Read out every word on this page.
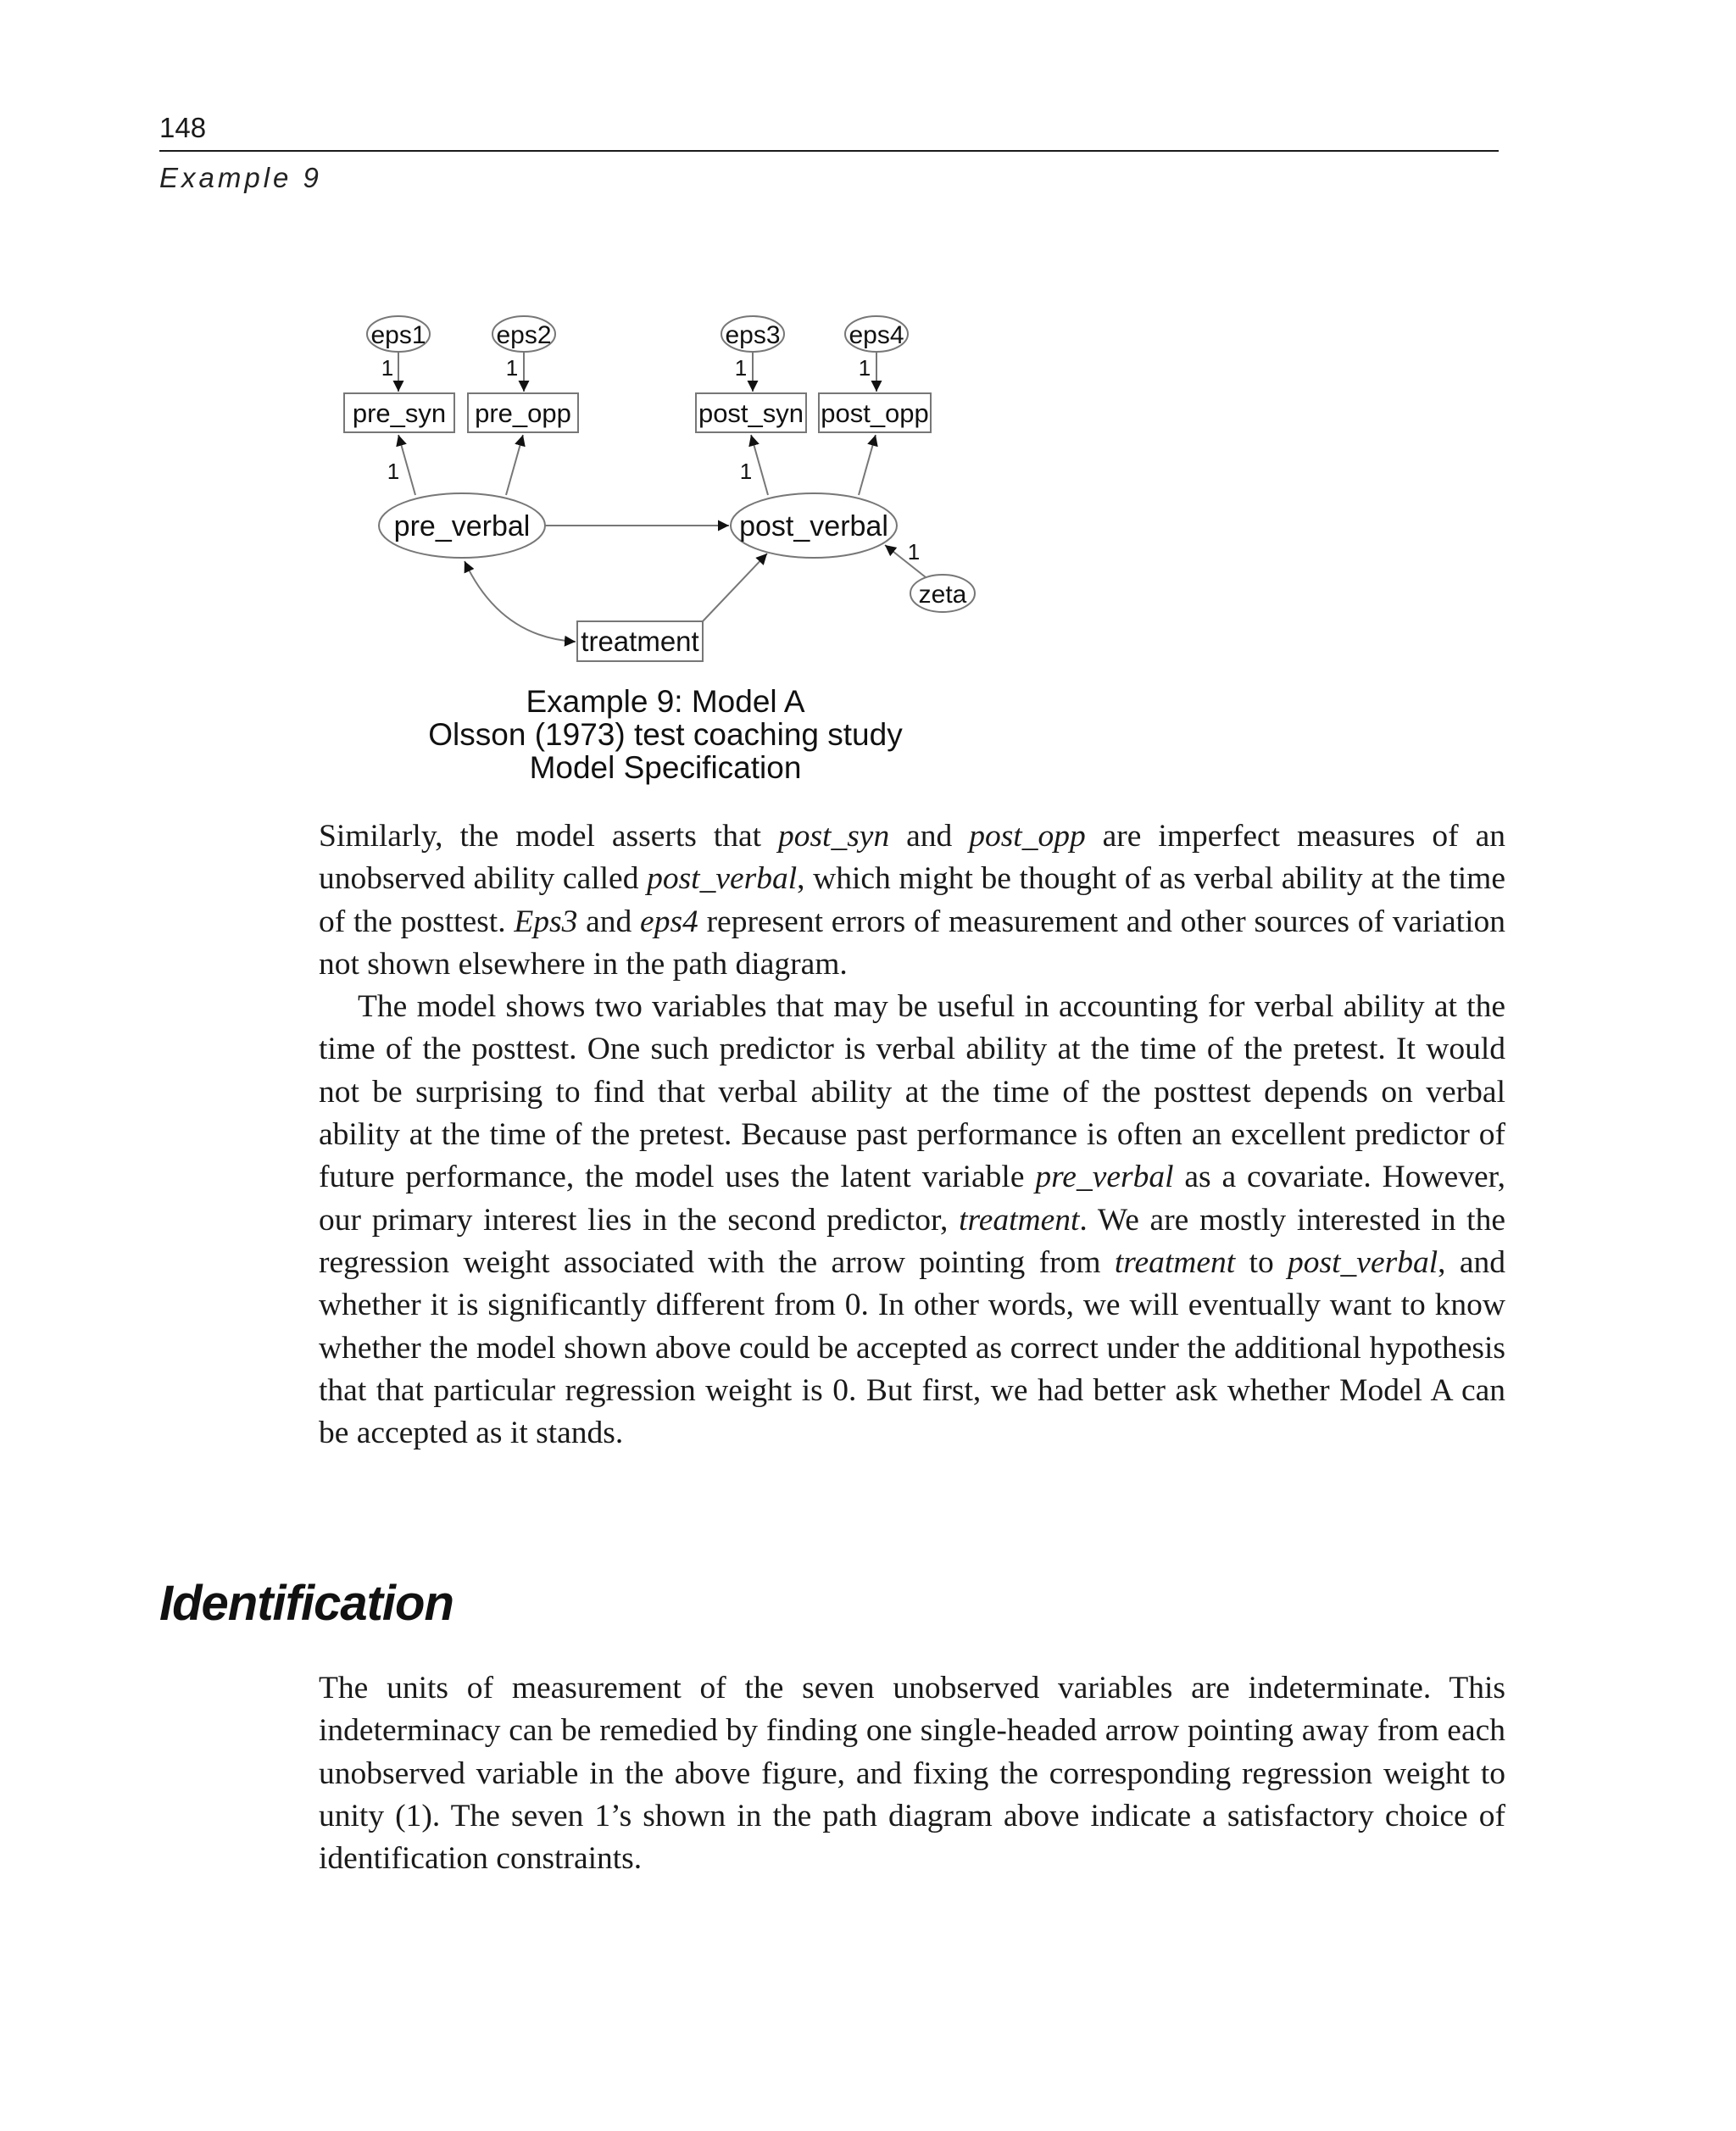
148
Example 9
eps1	eps2	eps3	eps4
pre_syn pre_opp	post_syn post_opp
pre_verbal	post_verbal
zeta
treatment
1	1	1	1
1	1
1
Example 9: Model A
Olsson (1973) test coaching study
Model Specification

Similarly, the model asserts that post_syn and post_opp are imperfect measures of an unobserved ability called post_verbal, which might be thought of as verbal ability at the time of the posttest. Eps3 and eps4 represent errors of measurement and other sources of variation not shown elsewhere in the path diagram.

The model shows two variables that may be useful in accounting for verbal ability at the time of the posttest. One such predictor is verbal ability at the time of the pretest. It would not be surprising to find that verbal ability at the time of the posttest depends on verbal ability at the time of the pretest. Because past performance is often an excellent predictor of future performance, the model uses the latent variable pre_verbal as a covariate. However, our primary interest lies in the second predictor, treatment. We are mostly interested in the regression weight associated with the arrow pointing from treatment to post_verbal, and whether it is significantly different from 0. In other words, we will eventually want to know whether the model shown above could be accepted as correct under the additional hypothesis that that particular regression weight is 0. But first, we had better ask whether Model A can be accepted as it stands.

Identification

The units of measurement of the seven unobserved variables are indeterminate. This indeterminacy can be remedied by finding one single-headed arrow pointing away from each unobserved variable in the above figure, and fixing the corresponding regression weight to unity (1). The seven 1’s shown in the path diagram above indicate a satisfactory choice of identification constraints.
